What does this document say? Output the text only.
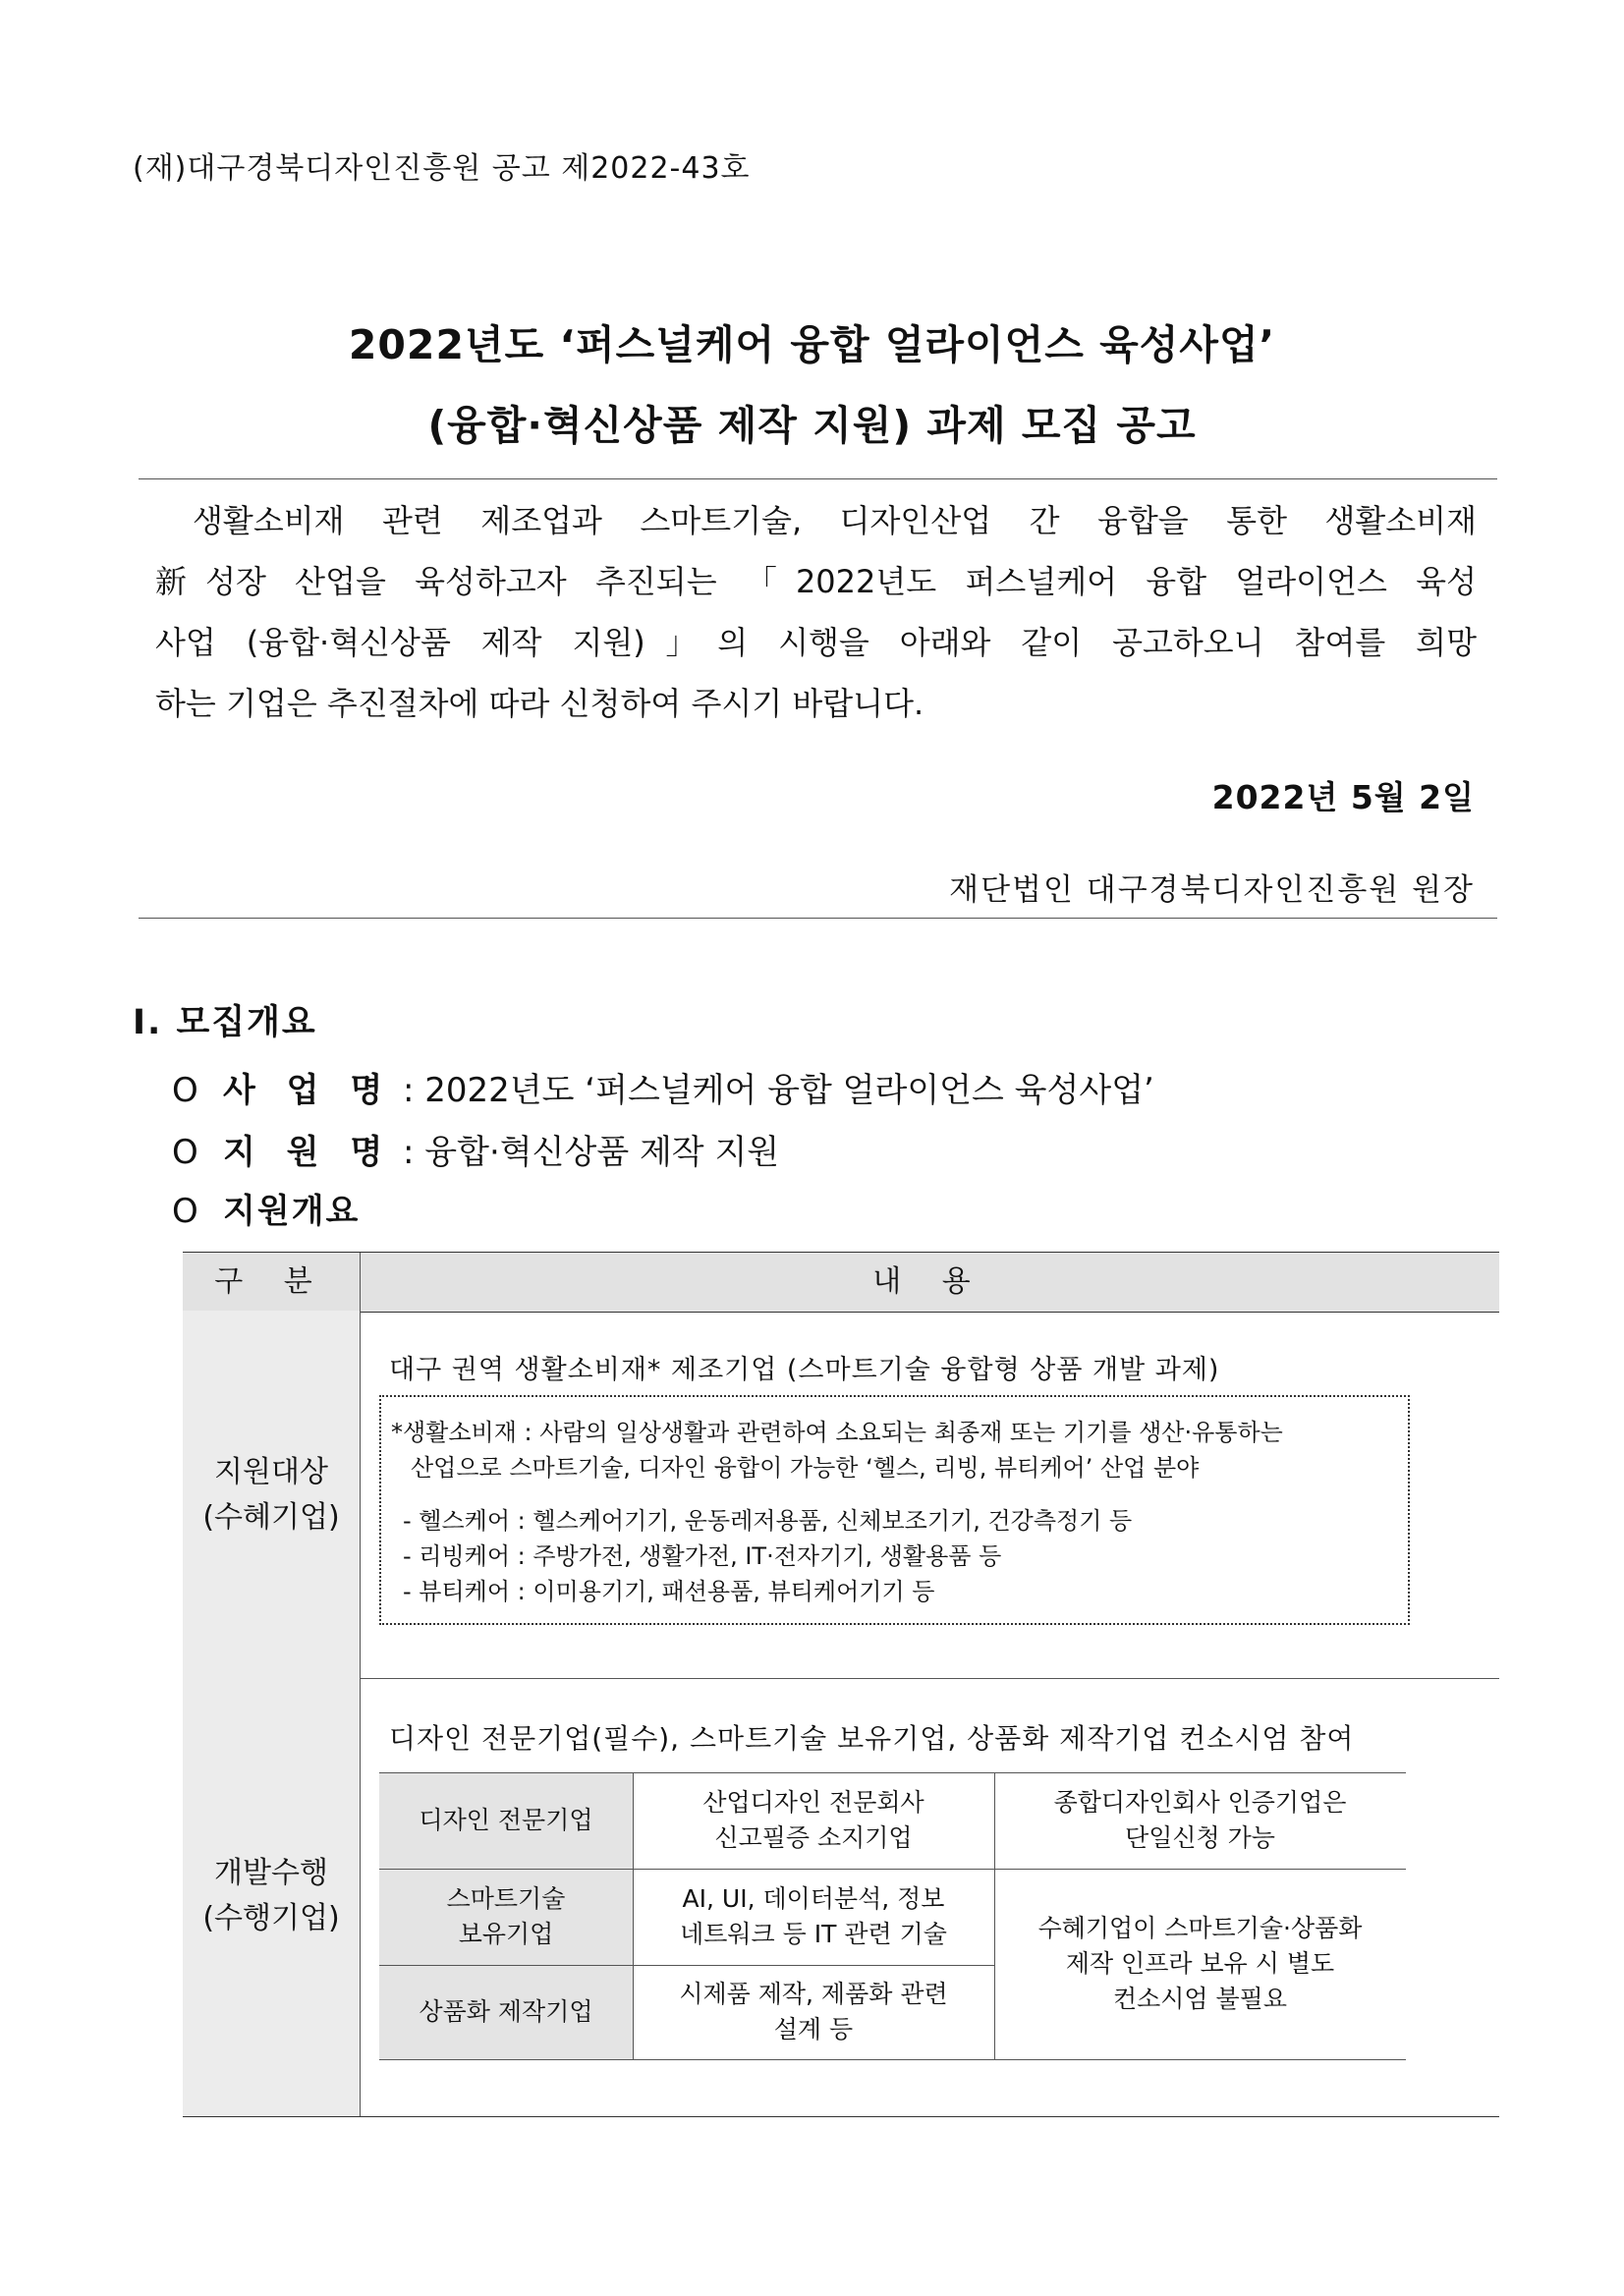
(재)대구경북디자인진흥원 공고 제2022-43호
2022년도 ‘퍼스널케어 융합 얼라이언스 육성사업’
(융합·혁신상품 제작 지원) 과제 모집 공고
생활소비재 관련 제조업과 스마트기술, 디자인산업 간 융합을 통한 생활소비재
新성장 산업을 육성하고자 추진되는 「2022년도 퍼스널케어 융합 얼라이언스 육성
사업 (융합·혁신상품 제작 지원)」의 시행을 아래와 같이 공고하오니 참여를 희망
하는 기업은 추진절차에 따라 신청하여 주시기 바랍니다.
2022년 5월 2일
재단법인 대구경북디자인진흥원 원장
Ⅰ. 모집개요
O 사 업 명 : 2022년도 ‘퍼스널케어 융합 얼라이언스 육성사업’
O 지 원 명 : 융합·혁신상품 제작 지원
O 지원개요
구 분	내 용
지원대상
(수혜기업)
대구 권역 생활소비재* 제조기업 (스마트기술 융합형 상품 개발 과제)
*생활소비재 : 사람의 일상생활과 관련하여 소요되는 최종재 또는 기기를 생산·유통하는
산업으로 스마트기술, 디자인 융합이 가능한 ‘헬스, 리빙, 뷰티케어’ 산업 분야
- 헬스케어 : 헬스케어기기, 운동레저용품, 신체보조기기, 건강측정기 등
- 리빙케어 : 주방가전, 생활가전, IT·전자기기, 생활용품 등
- 뷰티케어 : 이미용기기, 패션용품, 뷰티케어기기 등
개발수행
(수행기업)
디자인 전문기업(필수), 스마트기술 보유기업, 상품화 제작기업 컨소시엄 참여
디자인 전문기업
스마트기술
보유기업
상품화 제작기업
산업디자인 전문회사
신고필증 소지기업
AI, UI, 데이터분석, 정보
네트워크 등 IT 관련 기술
시제품 제작, 제품화 관련
설계 등
종합디자인회사 인증기업은
단일신청 가능
수혜기업이 스마트기술·상품화
제작 인프라 보유 시 별도
컨소시엄 불필요
